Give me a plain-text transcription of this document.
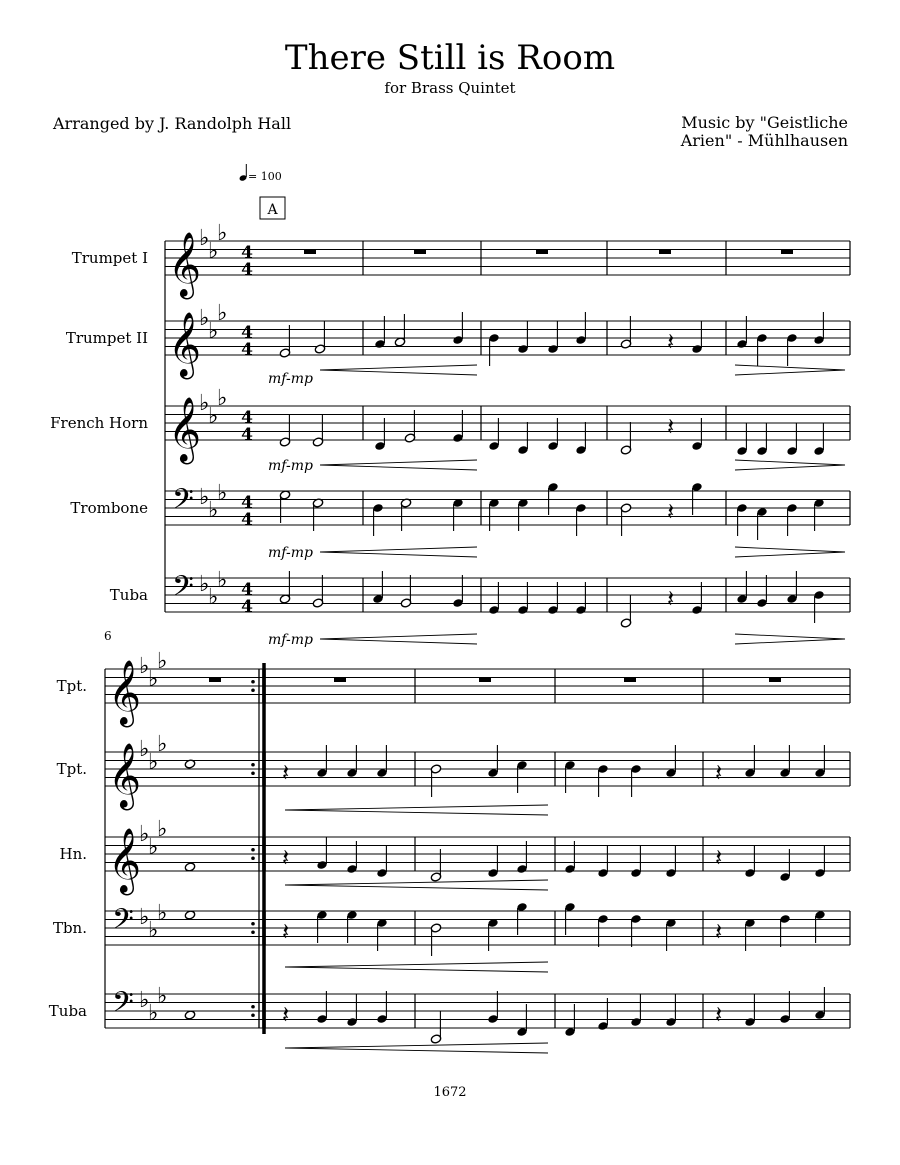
There Still is Room
for Brass Quintet
Arranged by J. Randolph Hall	Music by "Geistliche
Arien" - Mühlhausen
= 100
A
6
Trumpet I
Trumpet II
French Horn
Trombone
Tuba
Tpt.
Tpt.
Hn.
Tbn.
Tuba
𝄞
♭
♭
♭
4
4
𝄞
♭
♭
♭
4
4
𝄞
♭
♭
♭
4
4
𝄢 ♭
♭
♭ 4
4
𝄢 ♭
♭
♭ 4
4
𝄽
𝄽
𝄽
𝄽
mf-mp
mf-mp
mf-mp
mf-mp
𝄞
♭
♭
♭
𝄞
♭
♭
♭
𝄞
♭
♭
♭
𝄢 ♭
♭
♭
𝄢 ♭
♭
♭
𝄽	𝄽
𝄽	𝄽
𝄽	𝄽
𝄽	𝄽
1672
